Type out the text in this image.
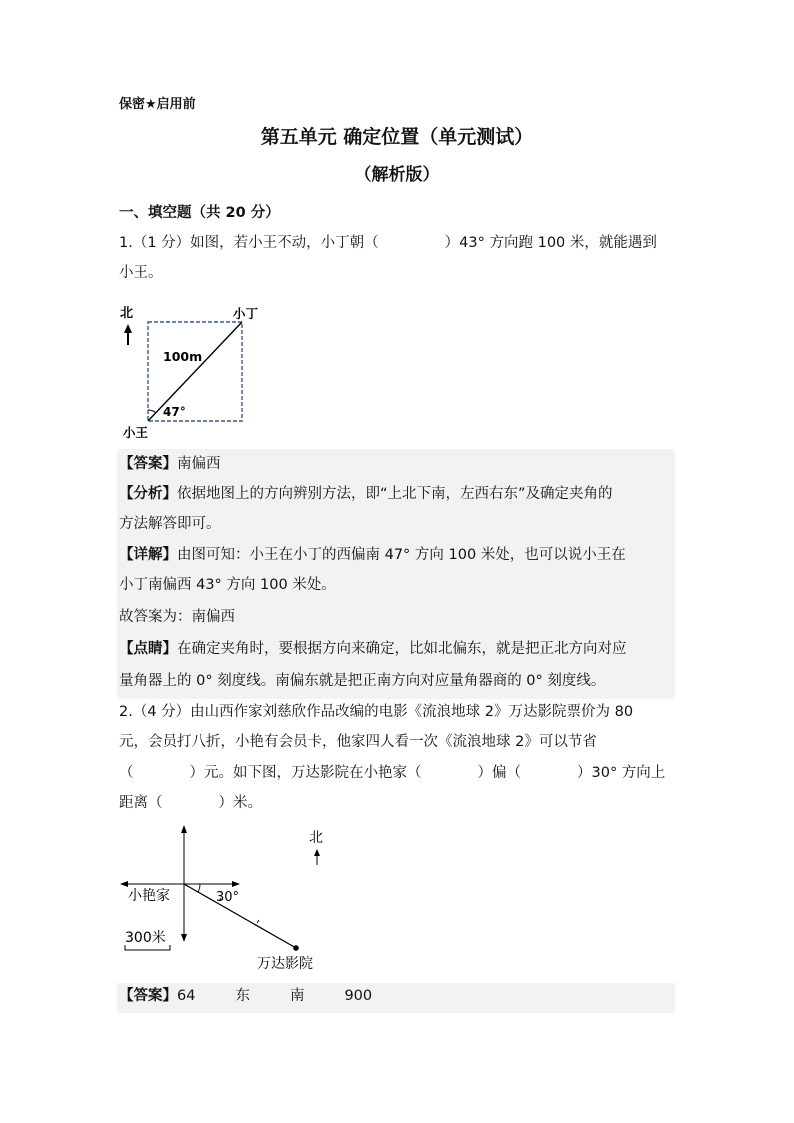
保密★启用前
第五单元 确定位置（单元测试）
（解析版）
一、填空题（共 20 分）
1.（1 分）如图，若小王不动，小丁朝（	）43° 方向跑 100 米，就能遇到
小王。
北	小丁
小王
100m
47°
【答案】南偏西
【分析】依据地图上的方向辨别方法，即“上北下南，左西右东”及确定夹角的
方法解答即可。
【详解】由图可知：小王在小丁的西偏南 47° 方向 100 米处，也可以说小王在
小丁南偏西 43° 方向 100 米处。
故答案为：南偏西
【点睛】在确定夹角时，要根据方向来确定，比如北偏东，就是把正北方向对应
量角器上的 0° 刻度线。南偏东就是把正南方向对应量角器商的 0° 刻度线。
2.（4 分）由山西作家刘慈欣作品改编的电影《流浪地球 2》万达影院票价为 80
元，会员打八折，小艳有会员卡，他家四人看一次《流浪地球 2》可以节省
（	）元。如下图，万达影院在小艳家（	）偏（	）30° 方向上
距离（	）米。
北
小艳家	30°
300米
万达影院
【答案】64	东	南	900
